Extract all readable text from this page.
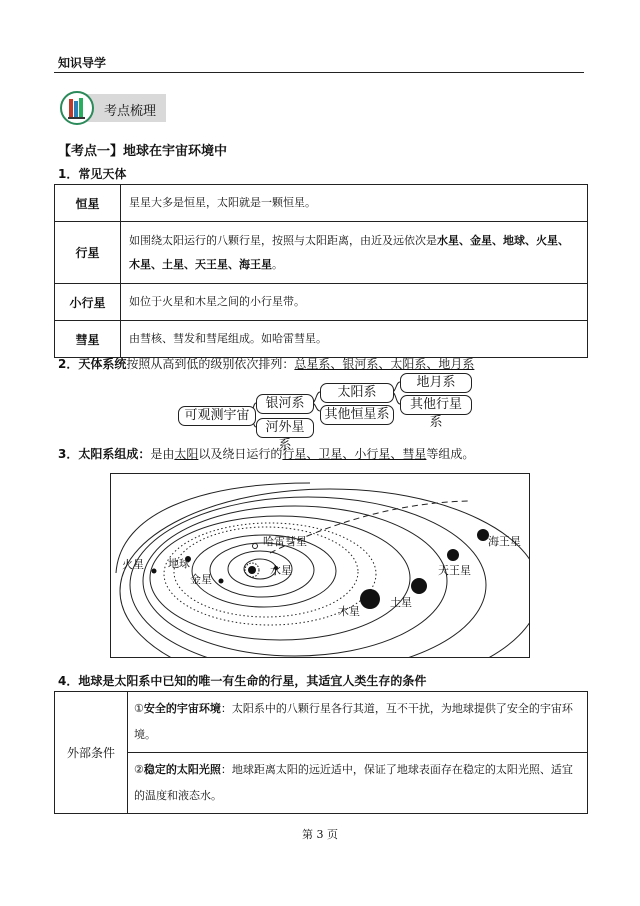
知识导学
考点梳理
【考点一】地球在宇宙环境中
1．常见天体
恒星	星星大多是恒星，太阳就是一颗恒星。
行星	如围绕太阳运行的八颗行星，按照与太阳距离，由近及远依次是水星、金星、地球、火星、木星、土星、天王星、海王星。
小行星	如位于火星和木星之间的小行星带。
彗星	由彗核、彗发和彗尾组成。如哈雷彗星。
2．天体系统按照从高到低的级别依次排列：总星系、银河系、太阳系、地月系
可观测宇宙
银河系
河外星系
太阳系
其他恒星系
地月系
其他行星系
3．太阳系组成：是由太阳以及绕日运行的行星、卫星、小行星、彗星等组成。
哈雷彗星
地球
火星
金星
水星
木星
土星
天王星
海王星
4．地球是太阳系中已知的唯一有生命的行星，其适宜人类生存的条件
外部条件	①安全的宇宙环境：太阳系中的八颗行星各行其道，互不干扰，为地球提供了安全的宇宙环境。
②稳定的太阳光照：地球距离太阳的远近适中，保证了地球表面存在稳定的太阳光照、适宜的温度和液态水。
第 3 页
